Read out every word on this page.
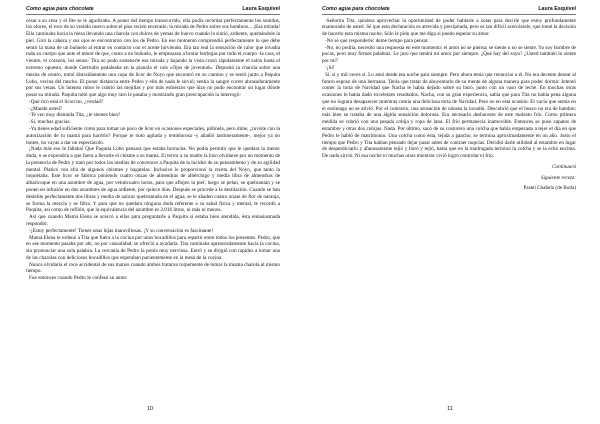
Como agua para chocolate	Laura Esquivel

cesar a su cesa y el fite se le agudizaba. A poner del tiempo transcurrido, ella podía recordar perfectamente los sonidos, los olores, el roce de su vestido nuevo sobre el piso recién encerado; la mirada de Pedro sobre sus hombros... ¡Esa mirada! Ella caminaba hacia la mesa llevando una charola con dulces de yemas de huevo cuando la sintió, ardiente, quemándole la piel. Giró la cabeza y sus ojos se encontraron con los de Pedro. En ese momento comprendió perfectamente lo que debe sentir la masa de un buñuelo al entrar en contacto con el aceite hirviendo. Era tan real la sensación de calor que invadía todo su cuerpo que ante el temor de que, como a un buñuelo, le empezaran a brotar burbujas por todo el cuerpo -la cara, el vientre, el corazón, los senos- Tita no pudo sostenerle esa mirada y bajando la vista cruzó rápidamente el salón hasta el extremo opuesto, donde Gertrudis pedaleaba en la pianola el vals «Ojos de juventud». Depositó la charola sobre una mesita de centro, tomó distraídamente una copa de licor de Noyo que encontró en su camino y se sentó junto a Paquita Lobo, vecina del rancho. El poner distancia entre Pedro y ella de nada le sirvió; sentía la sangre correr abrasadoramente por sus venas. Un intenso rubor le cubrió las mejillas y por más esfuerzos que hizo no pudo encontrar un lugar dónde posar su mirada. Paquita notó que algo muy raro le pasaba y mostrando gran preocupación la interrogó:

-Qué rico está el licorcito, ¿verdad?

-¿Mande usted?

-Te veo muy distraída Tita, ¿te sientes bien?

-Sí, muchas gracias.

-Ya tienes edad suficiente como para tomar un poco de licor en ocasiones especiales, pillinela, pero dime, ¿tuviste con la autorización de tu mamá para hacerlo? Porque te noto agitada y temblorosa -y añadió lastimeramente-, mejor ya no tomes, no vayas a dar un espectáculo.

¡Nada más eso le faltaba! Que Paquita Lobo pensara que estaba borracha. No podía permitir que le quedara la menor duda, o se expondría a que fuera a llevarle el chisme a su mamá. El terror a su madre la hizo olvidarse por un momento de la presencia de Pedro y trató por todos los medios de convencer a Paquita de la lucidez de su pensamiento y de su agilidad mental. Platicó con ella de algunos chismes y bagatelas. Inclusive le proporcionó la receta del Noyo, que tanto la inquietaba. Este licor se fabrica poniendo cuatro onzas de almendras de albérchigo y media libra de almendras de albaricoque en una azumbre de agua, por veinticuatro horas, para que aflojen la piel; luego se pelan, se quebrantan y se ponen en infusión en dos azumbres de agua ardiente, por quince días. Después se procede a la destilación. Cuando se han desleído perfectamente dos libras y media de azúcar quebrantada en el agua, se le añaden cuatro onzas de flor de naranja, se forma la mezcla y se filtra. Y para que no quedara ninguna duda referente a su salud física y mental, le recordó a Paquita, así como de refilón, que la equivalencia del azumbre es 2.016 litros, ni más ni menos.

Así que cuando Mamá Elena se acercó a ellas para preguntarle a Paquita si estaba bien atendida, ésta entusiasmada respondió:

-¡Estoy perfectamente! Tienes unas hijas maravillosas. ¡Y su conversación es fascinante!

Mamá Elena le ordenó a Tita que fuera a la cocina por unos bocadillos para repartir entre todos los presentes. Pedro, que en ese momento pasaba por ahí, no por casualidad, se ofreció a ayudarla. Tita caminaba apresuradamente hacia la cocina, sin pronunciar una sola palabra. La cercanía de Pedro la ponía muy nerviosa. Entró y se dirigió con rapidez a tomar una de las charolas con deliciosos bocadillos que esperaban pacientemente en la mesa de la cocina.

Nunca olvidaría el roce accidental de sus manos cuando ambos trataron torpemente de tomar la misma charola al mismo tiempo.

Fue entonces cuando Pedro le confesó su amor.

10
Como agua para chocolate	Laura Esquivel

-Señorita Tita, quisiera aprovechar la oportunidad de poder hablarle a solas para decirle que estoy profundamente enamorado de usted. Sé que esta declaración es atrevida y precipitada, pero es tan difícil acercársele, que tomé la decisión de hacerlo esta misma noche. Sólo le pido que me diga si puedo esperar su amor.

-No sé qué responderle; deme tiempo para pensar.

-No, no podría, necesito una respuesta en este momento: el amor no se piensa; se siente o no se siente. Yo soy hombre de pocas, pero muy firmes palabras. Le juro que tendrá mi amor por siempre. ¿Qué hay del suyo? ¿Usted también lo siente por mí?

-¡Sí!

Sí, sí y mil veces sí. Lo amó desde esa noche para siempre. Pero ahora tenía que renunciar a él. No era decente desear al futuro esposo de una hermana. Tenía que tratar de ahuyentarlo de su mente de alguna manera para poder dormir. Intentó comer la torta de Navidad que Nacha le había dejado sobre su buró, junto con un vaso de leche. En muchas otras ocasiones le había dado excelentes resultados. Nacha, con su gran experiencia, sabía que para Tita no había pena alguna que no lograra desaparecer mientras comía una deliciosa torta de Navidad. Pero no en esta ocasión. El vacío que sentía en el estómago no se alivió. Por el contrario, una sensación de náusea la invadió. Descubrió que el hueco no era de hambre; más bien se trataba de una álgida sensación dolorosa. Era necesario deshacerse de este molesto frío. Como primera medida se cubrió con una pesada cobija y ropa de lana. El frío permanecía inamovible. Entonces se puso zapatos de estambre y otras dos cobijas. Nada. Por último, sacó de su costurero una colcha que había empezado a tejer el día en que Pedro le habló de matrimonio. Una colcha como ésta, tejida a gancho, se termina aproximadamente en un año. Justo el tiempo que Pedro y Tita habían pensado dejar pasar antes de contraer nupcias. Decidió darle utilidad al estambre en lugar de desperdiciarlo y afanosamente tejió y lloró y tejió, hasta que en la madrugada terminó la colcha y se la echó encima. De nada sirvió. Ni esa noche ni muchas otras mientras vivió logró controlar el frío.

Continuará

Siguiente receta:

Pastel Chabela (de Boda)

11
